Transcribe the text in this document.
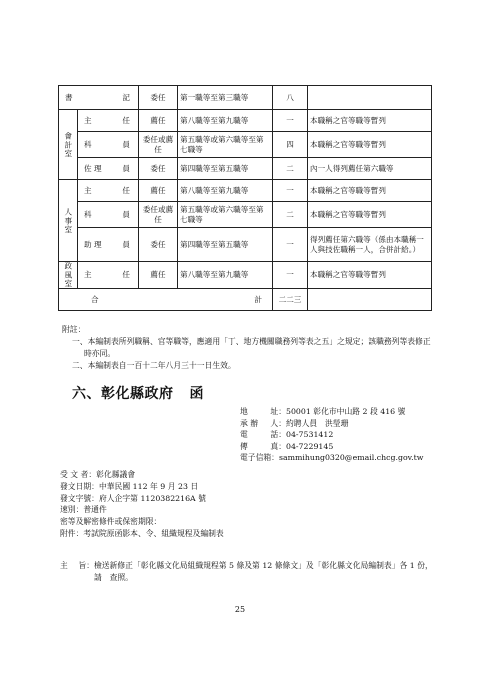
書 記		委任	第一職等至第三職等	八	
會計室	主 任	薦任	第八職等至第九職等	一	本職稱之官等職等暫列

	科 員	委任或薦任	第五職等或第六職等至第七職等	四	本職稱之官等職等暫列

	佐 理 員	委任	第四職等至第五職等	二	內一人得列薦任第六職等
人事室	主 任	薦任	第八職等至第九職等	一	本職稱之官等職等暫列

	科 員	委任或薦任	第五職等或第六職等至第七職等	二	本職稱之官等職等暫列

	助 理 員	委任	第四職等至第五職等	一	得列薦任第六職等（係由本職稱一人與技佐職稱一人，合併計給。）
政風室	主 任	薦任	第八職等至第九職等	一	本職稱之官等職等暫列

合 計				二二三	
附註：
一、本編制表所列職稱、官等職等，應適用「丁、地方機關職務列等表之五」之規定；該職務列等表修正時亦同。
二、本編制表自一百十二年八月三十一日生效。
六、彰化縣政府 函
地	址： 50001 彰化市中山路 2 段 416 號
承 辦 人： 約聘人員　洪瑩珊
電	話： 04-7531412
傳	真： 04-7229145
電子信箱：sammihung0320@email.chcg.gov.tw
受 文 者：彰化縣議會
發文日期：中華民國 112 年 9 月 23 日
發文字號：府人企字第 1120382216A 號
速別：普通件
密等及解密條件或保密期限：
附件：考試院原函影本、令、組織規程及編制表
主 旨： 檢送新修正「彰化縣文化局組織規程第 5 條及第 12 條條文」及「彰化縣文化局編制表」各 1 份，請　查照。
25
